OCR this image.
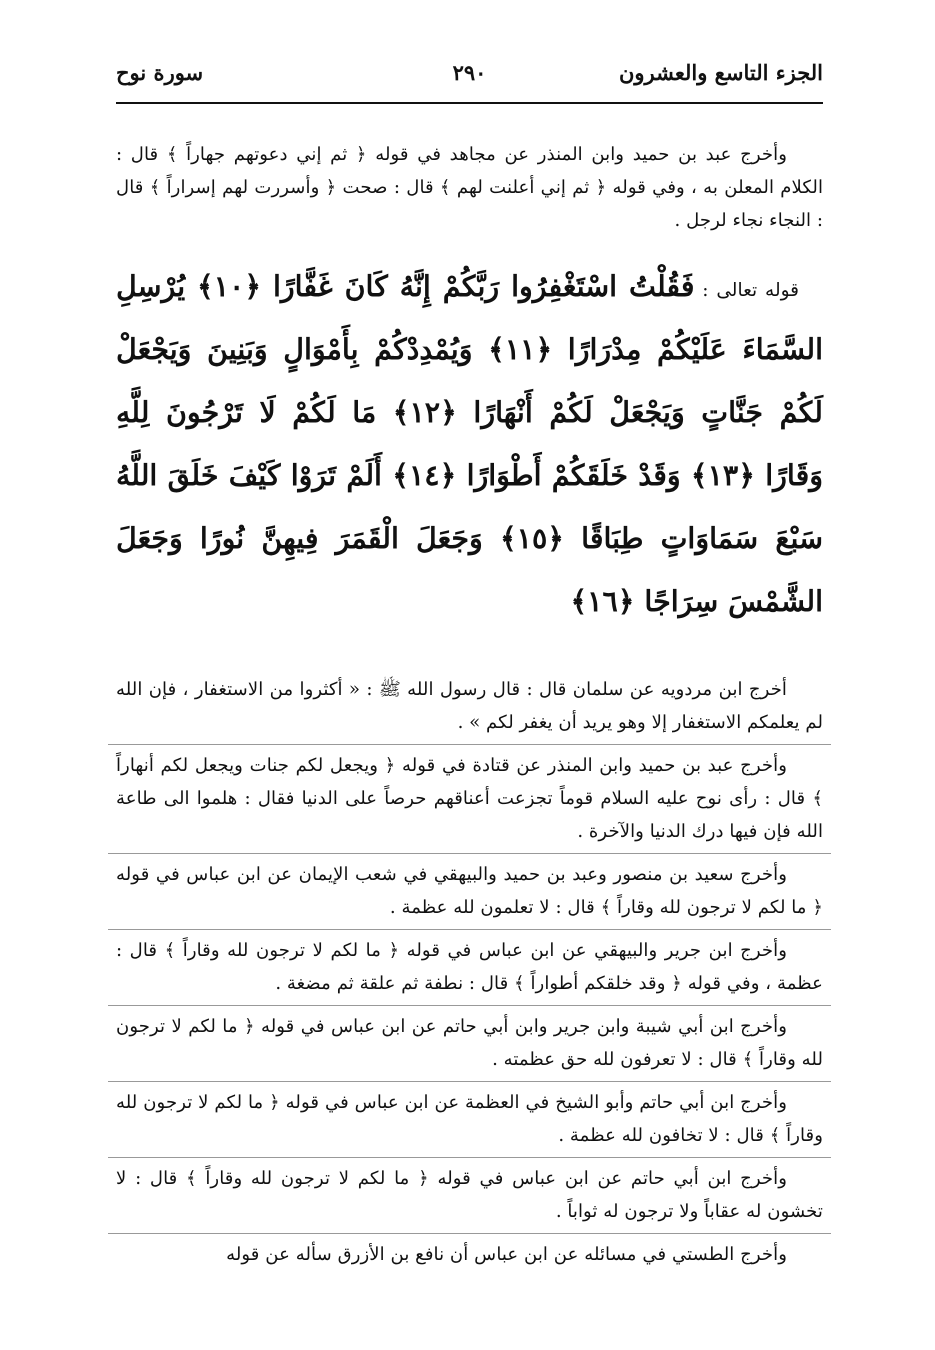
الجزء التاسع والعشرون
٢٩٠
سورة نوح

وأخرج عبد بن حميد وابن المنذر عن مجاهد في قوله ﴿ ثم إني دعوتهم جهاراً ﴾ قال : الكلام المعلن به ، وفي قوله ﴿ ثم إني أعلنت لهم ﴾ قال : صحت ﴿ وأسررت لهم إسراراً ﴾ قال : النجاء نجاء لرجل .

قوله تعالى : فَقُلْتُ اسْتَغْفِرُوا رَبَّكُمْ إِنَّهُ كَانَ غَفَّارًا ﴿١٠﴾ يُرْسِلِ السَّمَاءَ عَلَيْكُمْ مِدْرَارًا ﴿١١﴾ وَيُمْدِدْكُمْ بِأَمْوَالٍ وَبَنِينَ وَيَجْعَلْ لَكُمْ جَنَّاتٍ وَيَجْعَلْ لَكُمْ أَنْهَارًا ﴿١٢﴾ مَا لَكُمْ لَا تَرْجُونَ لِلَّهِ وَقَارًا ﴿١٣﴾ وَقَدْ خَلَقَكُمْ أَطْوَارًا ﴿١٤﴾ أَلَمْ تَرَوْا كَيْفَ خَلَقَ اللَّهُ سَبْعَ سَمَاوَاتٍ طِبَاقًا ﴿١٥﴾ وَجَعَلَ الْقَمَرَ فِيهِنَّ نُورًا وَجَعَلَ الشَّمْسَ سِرَاجًا ﴿١٦﴾

أخرج ابن مردويه عن سلمان قال : قال رسول الله ﷺ : « أكثروا من الاستغفار ، فإن الله لم يعلمكم الاستغفار إلا وهو يريد أن يغفر لكم » .

وأخرج عبد بن حميد وابن المنذر عن قتادة في قوله ﴿ ويجعل لكم جنات ويجعل لكم أنهاراً ﴾ قال : رأى نوح عليه السلام قوماً تجزعت أعناقهم حرصاً على الدنيا فقال : هلموا الى طاعة الله فإن فيها درك الدنيا والآخرة .

وأخرج سعيد بن منصور وعبد بن حميد والبيهقي في شعب الإيمان عن ابن عباس في قوله ﴿ ما لكم لا ترجون لله وقاراً ﴾ قال : لا تعلمون لله عظمة .

وأخرج ابن جرير والبيهقي عن ابن عباس في قوله ﴿ ما لكم لا ترجون لله وقاراً ﴾ قال : عظمة ، وفي قوله ﴿ وقد خلقكم أطواراً ﴾ قال : نطفة ثم علقة ثم مضغة .

وأخرج ابن أبي شيبة وابن جرير وابن أبي حاتم عن ابن عباس في قوله ﴿ ما لكم لا ترجون لله وقاراً ﴾ قال : لا تعرفون لله حق عظمته .

وأخرج ابن أبي حاتم وأبو الشيخ في العظمة عن ابن عباس في قوله ﴿ ما لكم لا ترجون لله وقاراً ﴾ قال : لا تخافون لله عظمة .

وأخرج ابن أبي حاتم عن ابن عباس في قوله ﴿ ما لكم لا ترجون لله وقاراً ﴾ قال : لا تخشون له عقاباً ولا ترجون له ثواباً .

وأخرج الطستي في مسائله عن ابن عباس أن نافع بن الأزرق سأله عن قوله
